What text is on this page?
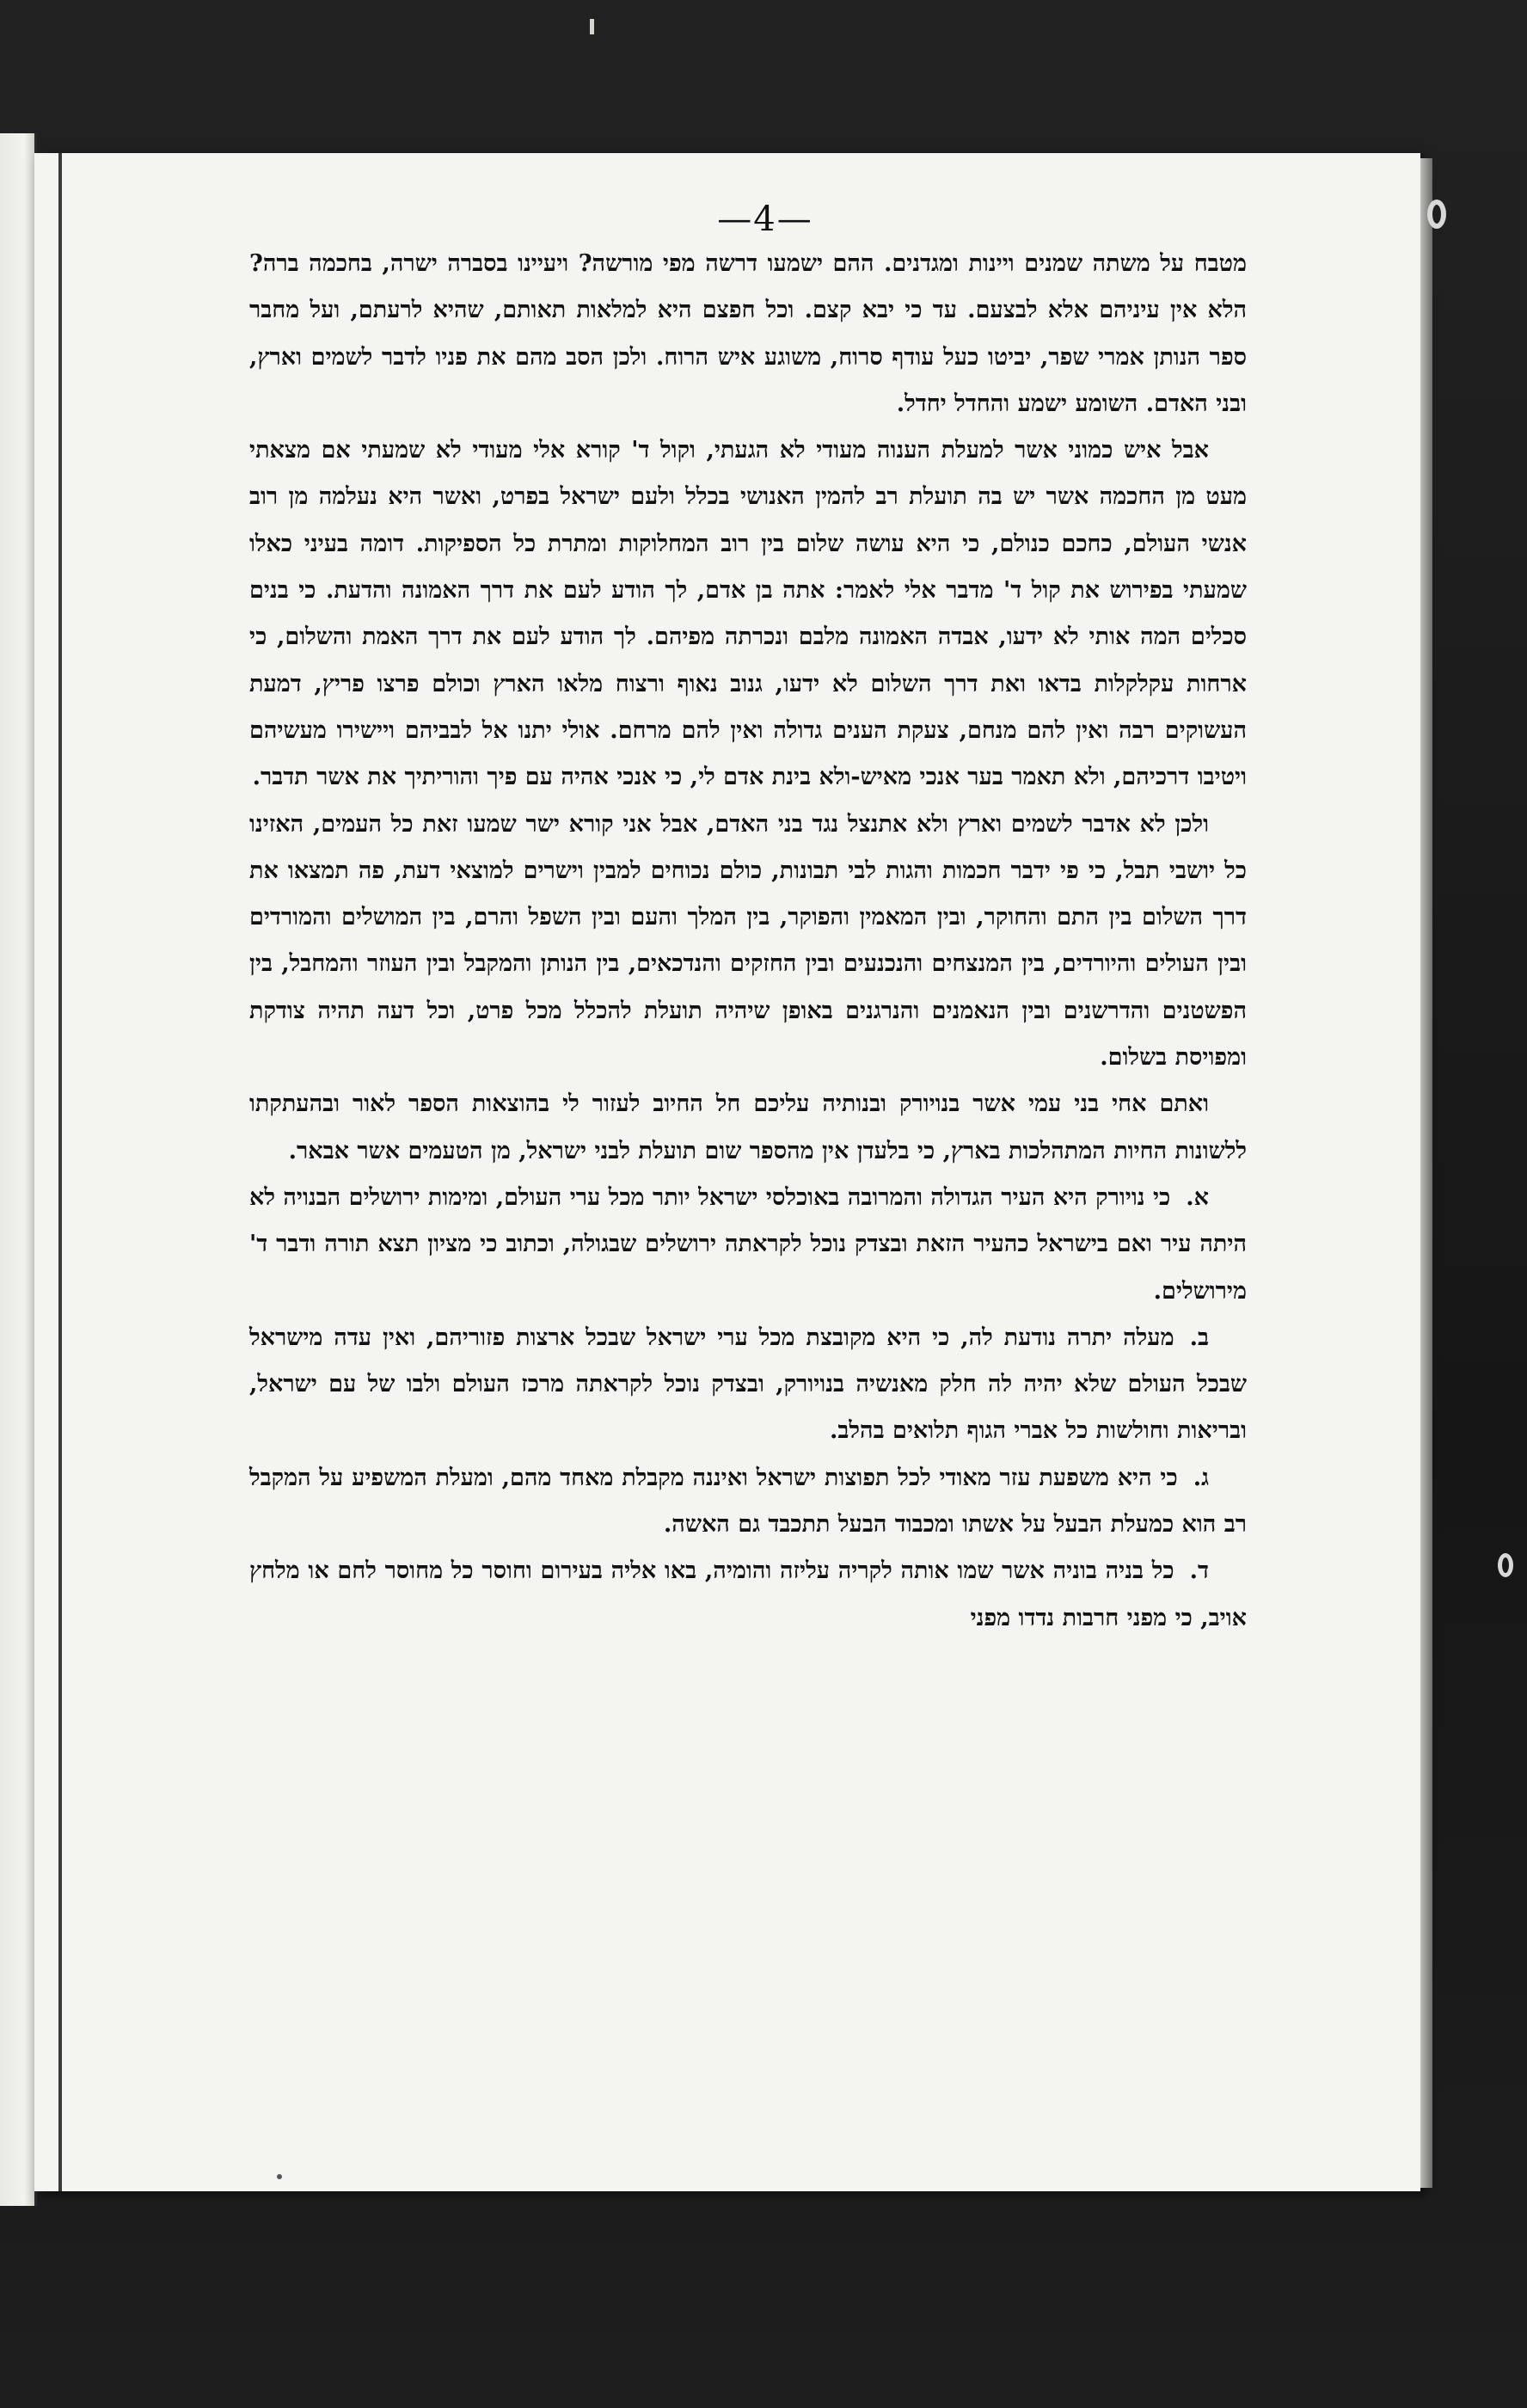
—4—

מטבח על משתה שמנים ויינות ומגדנים. ההם ישמעו דרשה מפי מורשה? ויעיינו בסברה ישרה, בחכמה ברה? הלא אין עיניהם אלא לבצעם. עד כי יבא קצם. וכל חפצם היא למלאות תאותם, שהיא לרעתם, ועל מחבר ספר הנותן אמרי שפר, יביטו כעל עודף סרוח, משוגע איש הרוח. ולכן הסב מהם את פניו לדבר לשמים וארץ, ובני האדם. השומע ישמע והחדל יחדל.

אבל איש כמוני אשר למעלת הענוה מעודי לא הגעתי, וקול ד' קורא אלי מעודי לא שמעתי אם מצאתי מעט מן החכמה אשר יש בה תועלת רב להמין האנושי בכלל ולעם ישראל בפרט, ואשר היא נעלמה מן רוב אנשי העולם, כחכם כנולם, כי היא עושה שלום בין רוב המחלוקות ומתרת כל הספיקות. דומה בעיני כאלו שמעתי בפירוש את קול ד' מדבר אלי לאמר: אתה בן אדם, לך הודע לעם את דרך האמונה והדעת. כי בנים סכלים המה אותי לא ידעו, אבדה האמונה מלבם ונכרתה מפיהם. לך הודע לעם את דרך האמת והשלום, כי ארחות עקלקלות בדאו ואת דרך השלום לא ידעו, גנוב נאוף ורצוח מלאו הארץ וכולם פרצו פריץ, דמעת העשוקים רבה ואין להם מנחם, צעקת הענים גדולה ואין להם מרחם. אולי יתנו אל לבביהם ויישירו מעשיהם ויטיבו דרכיהם, ולא תאמר בער אנכי מאיש-ולא בינת אדם לי, כי אנכי אהיה עם פיך והוריתיך את אשר תדבר.

ולכן לא אדבר לשמים וארץ ולא אתנצל נגד בני האדם, אבל אני קורא ישר שמעו זאת כל העמים, האזינו כל יושבי תבל, כי פי ידבר חכמות והגות לבי תבונות, כולם נכוחים למבין וישרים למוצאי דעת, פה תמצאו את דרך השלום בין התם והחוקר, ובין המאמין והפוקר, בין המלך והעם ובין השפל והרם, בין המושלים והמורדים ובין העולים והיורדים, בין המנצחים והנכנעים ובין החזקים והנדכאים, בין הנותן והמקבל ובין העוזר והמחבל, בין הפשטנים והדרשנים ובין הנאמנים והנרגנים באופן שיהיה תועלת להכלל מכל פרט, וכל דעה תהיה צודקת ומפויסת בשלום.

ואתם אחי בני עמי אשר בנויורק ובנותיה עליכם חל החיוב לעזור לי בהוצאות הספר לאור ובהעתקתו ללשונות החיות המתהלכות בארץ, כי בלעדן אין מהספר שום תועלת לבני ישראל, מן הטעמים אשר אבאר.

א.כי נויורק היא העיר הגדולה והמרובה באוכלסי ישראל יותר מכל ערי העולם, ומימות ירושלים הבנויה לא היתה עיר ואם בישראל כהעיר הזאת ובצדק נוכל לקראתה ירושלים שבגולה, וכתוב כי מציון תצא תורה ודבר ד' מירושלים.

ב.מעלה יתרה נודעת לה, כי היא מקובצת מכל ערי ישראל שבכל ארצות פזוריהם, ואין עדה מישראל שבכל העולם שלא יהיה לה חלק מאנשיה בנויורק, ובצדק נוכל לקראתה מרכז העולם ולבו של עם ישראל, ובריאות וחולשות כל אברי הגוף תלואים בהלב.

ג.כי היא משפעת עזר מאודי לכל תפוצות ישראל ואיננה מקבלת מאחד מהם, ומעלת המשפיע על המקבל רב הוא כמעלת הבעל על אשתו ומכבוד הבעל תתכבד גם האשה.

ד.כל בניה בוניה אשר שמו אותה לקריה עליזה והומיה, באו אליה בעירום וחוסר כל מחוסר לחם או מלחץ אויב, כי מפני חרבות נדדו מפני
